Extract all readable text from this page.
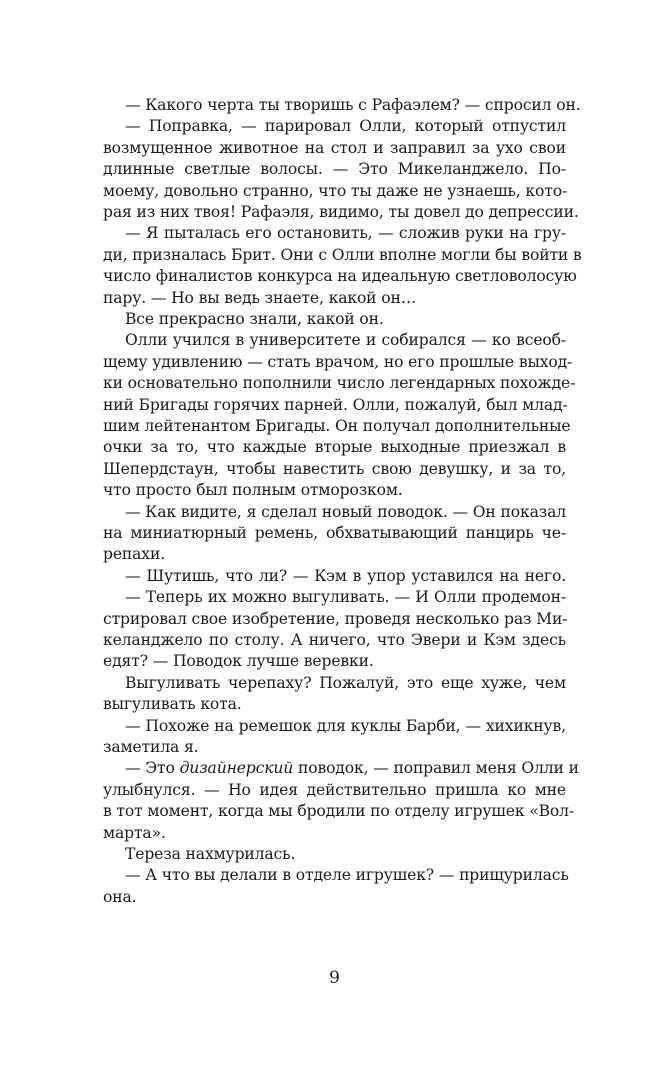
— Какого черта ты творишь с Рафаэлем? — спросил он.
— Поправка, — парировал Олли, который отпустил
возмущенное животное на стол и заправил за ухо свои
длинные светлые волосы. — Это Микеланджело. По-
моему, довольно странно, что ты даже не узнаешь, кото-
рая из них твоя! Рафаэля, видимо, ты довел до депрессии.
— Я пыталась его остановить, — сложив руки на гру-
ди, призналась Брит. Они с Олли вполне могли бы войти в
число финалистов конкурса на идеальную светловолосую
пару. — Но вы ведь знаете, какой он…
Все прекрасно знали, какой он.
Олли учился в университете и собирался — ко всеоб-
щему удивлению — стать врачом, но его прошлые выход-
ки основательно пополнили число легендарных похожде-
ний Бригады горячих парней. Олли, пожалуй, был млад-
шим лейтенантом Бригады. Он получал дополнительные
очки за то, что каждые вторые выходные приезжал в
Шепердстаун, чтобы навестить свою девушку, и за то,
что просто был полным отморозком.
— Как видите, я сделал новый поводок. — Он показал
на миниатюрный ремень, обхватывающий панцирь че-
репахи.
— Шутишь, что ли? — Кэм в упор уставился на него.
— Теперь их можно выгуливать. — И Олли продемон-
стрировал свое изобретение, проведя несколько раз Ми-
келанджело по столу. А ничего, что Эвери и Кэм здесь
едят? — Поводок лучше веревки.
Выгуливать черепаху? Пожалуй, это еще хуже, чем
выгуливать кота.
— Похоже на ремешок для куклы Барби, — хихикнув,
заметила я.
— Это дизайнерский поводок, — поправил меня Олли и
улыбнулся. — Но идея действительно пришла ко мне
в тот момент, когда мы бродили по отделу игрушек «Вол-
марта».
Тереза нахмурилась.
— А что вы делали в отделе игрушек? — прищурилась
она.
9
